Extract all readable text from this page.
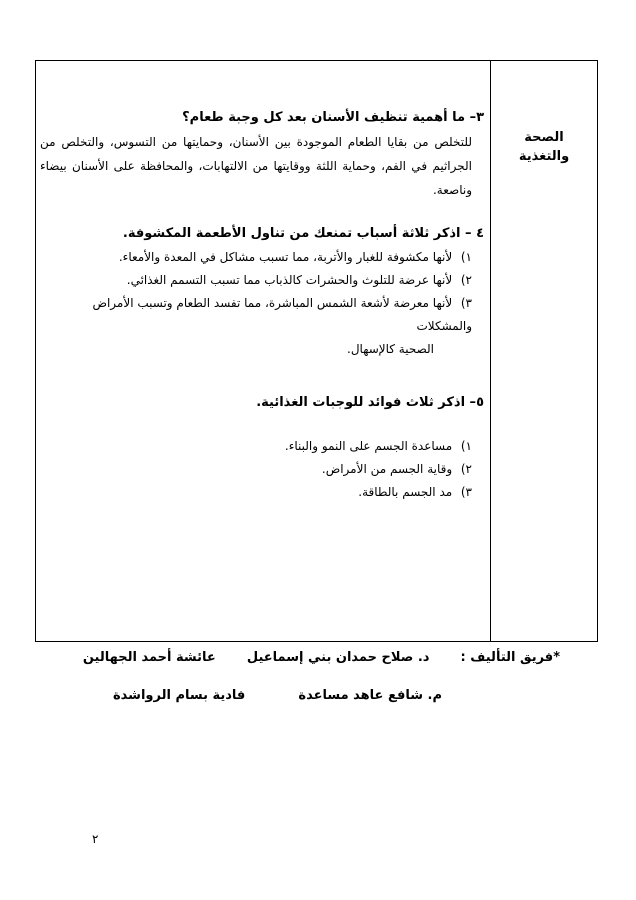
الصحة
والتغذية

٣– ما أهمية تنظيف الأسنان بعد كل وجبة طعام؟

للتخلص من بقايا الطعام الموجودة بين الأسنان، وحمايتها من التسوس، والتخلص من الجراثيم في الفم، وحماية اللثة ووقايتها من الالتهابات، والمحافظة على الأسنان بيضاء وناصعة.

٤ – اذكر ثلاثة أسباب تمنعك من تناول الأطعمة المكشوفة.

١) لأنها مكشوفة للغبار والأتربة، مما تسبب مشاكل في المعدة والأمعاء.
٢) لأنها عرضة للتلوث والحشرات كالذباب مما تسبب التسمم الغذائي.
٣) لأنها معرضة لأشعة الشمس المباشرة، مما تفسد الطعام وتسبب الأمراض والمشكلات
الصحية كالإسهال.

٥– اذكر ثلاث فوائد للوجبات الغذائية.

١) مساعدة الجسم على النمو والبناء.
٢) وقاية الجسم من الأمراض.
٣) مد الجسم بالطاقة.
*فريق التأليف :  د. صلاح حمدان بني إسماعيل  عائشة أحمد الجهالين
م. شافع عاهد مساعدة  فادية بسام الرواشدة
٢
